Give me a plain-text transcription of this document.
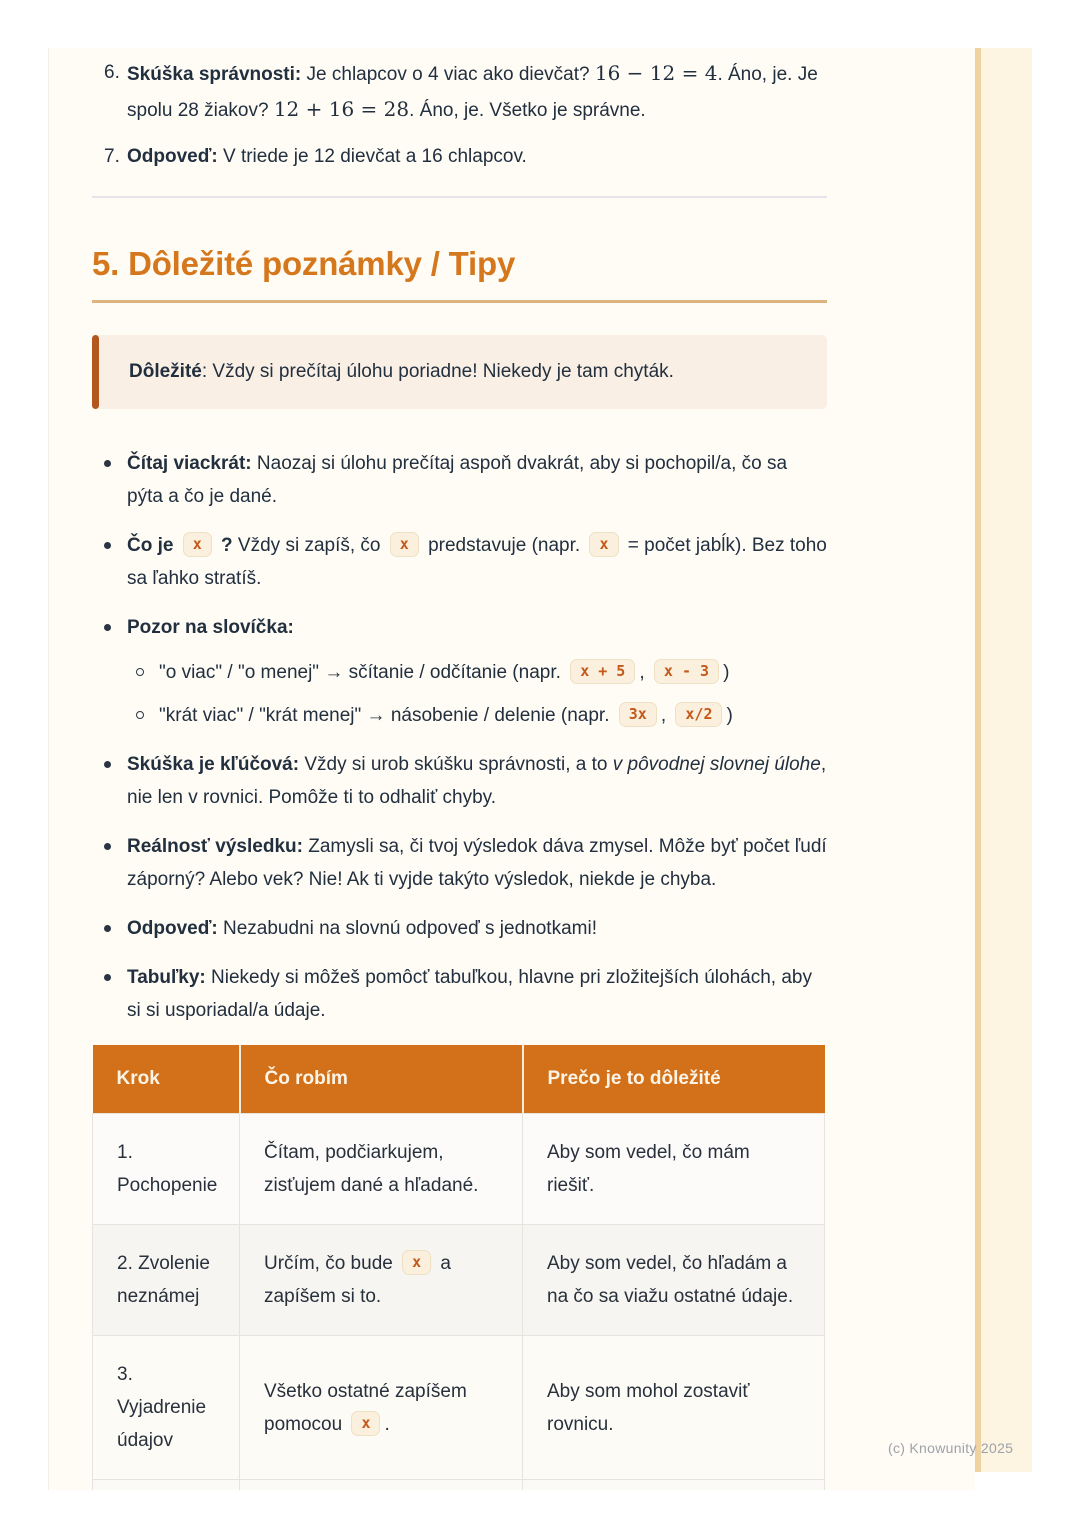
6. Skúška správnosti: Je chlapcov o 4 viac ako dievčat? 16 − 12 = 4. Áno, je. Je spolu 28 žiakov? 12 + 16 = 28. Áno, je. Všetko je správne.
7. Odpoveď: V triede je 12 dievčat a 16 chlapcov.
5. Dôležité poznámky / Tipy

Dôležité: Vždy si prečítaj úlohu poriadne! Niekedy je tam chyták.

Čítaj viackrát: Naozaj si úlohu prečítaj aspoň dvakrát, aby si pochopil/a, čo sa pýta a čo je dané.
Čo je x ? Vždy si zapíš, čo x predstavuje (napr. x = počet jabĺk). Bez toho sa ľahko stratíš.
Pozor na slovíčka:
"o viac" / "o menej" → sčítanie / odčítanie (napr. x + 5 , x - 3 )
"krát viac" / "krát menej" → násobenie / delenie (napr. 3x , x/2 )
Skúška je kľúčová: Vždy si urob skúšku správnosti, a to v pôvodnej slovnej úlohe, nie len v rovnici. Pomôže ti to odhaliť chyby.
Reálnosť výsledku: Zamysli sa, či tvoj výsledok dáva zmysel. Môže byť počet ľudí záporný? Alebo vek? Nie! Ak ti vyjde takýto výsledok, niekde je chyba.
Odpoveď: Nezabudni na slovnú odpoveď s jednotkami!
Tabuľky: Niekedy si môžeš pomôcť tabuľkou, hlavne pri zložitejších úlohách, aby si si usporiadal/a údaje.
Krok	Čo robím	Prečo je to dôležité
1. Pochopenie	Čítam, podčiarkujem, zisťujem dané a hľadané.	Aby som vedel, čo mám riešiť.
2. Zvolenie neznámej	Určím, čo bude x a zapíšem si to.	Aby som vedel, čo hľadám a na čo sa viažu ostatné údaje.
3. Vyjadrenie údajov	Všetko ostatné zapíšem pomocou x .	Aby som mohol zostaviť rovnicu.

(c) Knowunity 2025
